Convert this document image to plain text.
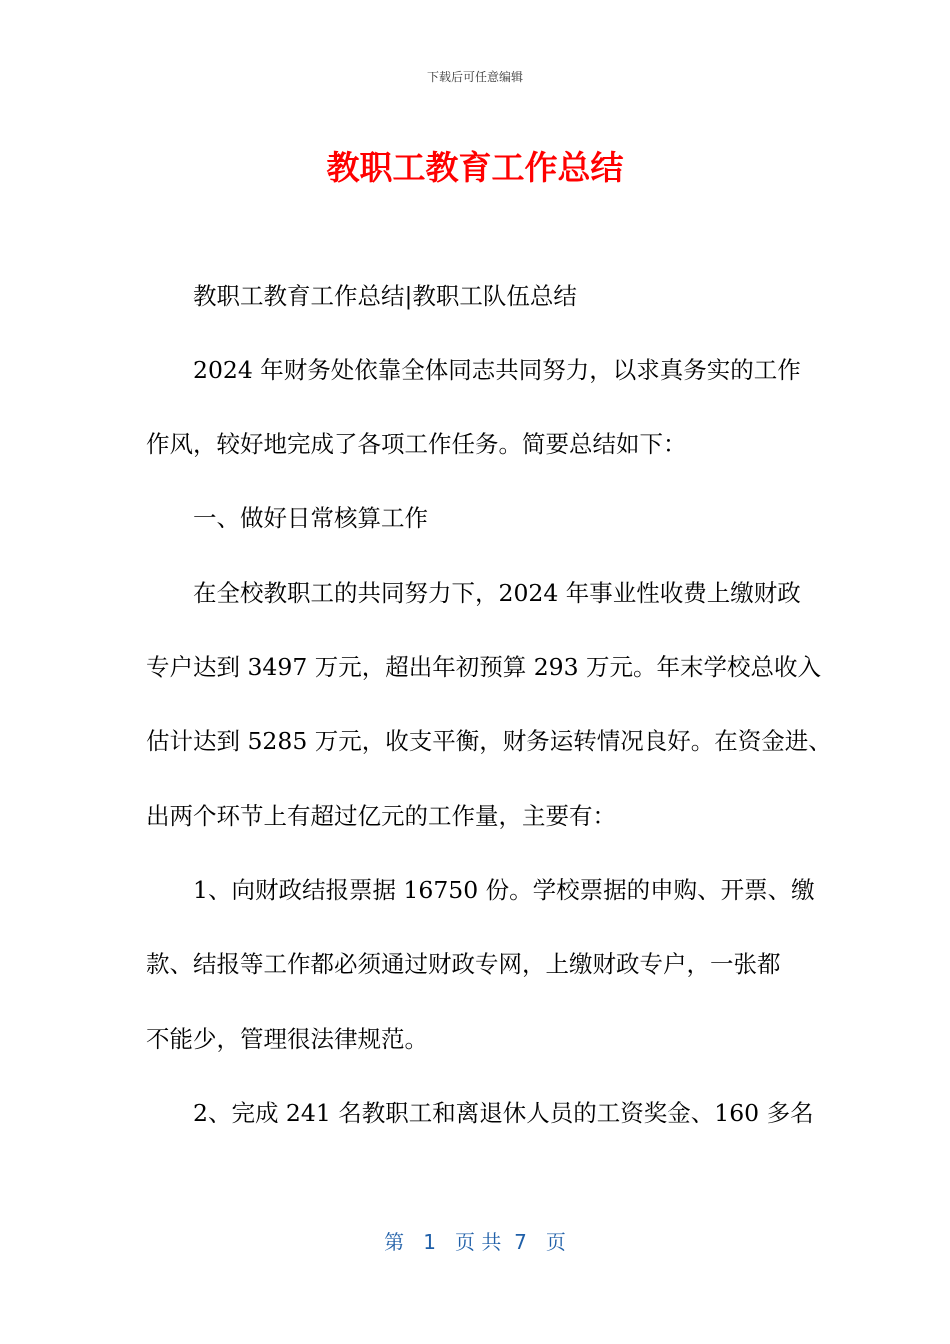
下载后可任意编辑
教职工教育工作总结
教职工教育工作总结|教职工队伍总结
2024 年财务处依靠全体同志共同努力，以求真务实的工作
作风，较好地完成了各项工作任务。简要总结如下：
一、做好日常核算工作
在全校教职工的共同努力下，2024 年事业性收费上缴财政
专户达到 3497 万元，超出年初预算 293 万元。年末学校总收入
估计达到 5285 万元，收支平衡，财务运转情况良好。在资金进、
出两个环节上有超过亿元的工作量，主要有：
1、向财政结报票据 16750 份。学校票据的申购、开票、缴
款、结报等工作都必须通过财政专网，上缴财政专户，一张都
不能少，管理很法律规范。
2、完成 241 名教职工和离退休人员的工资奖金、160 多名
第 1 页 共 7 页
